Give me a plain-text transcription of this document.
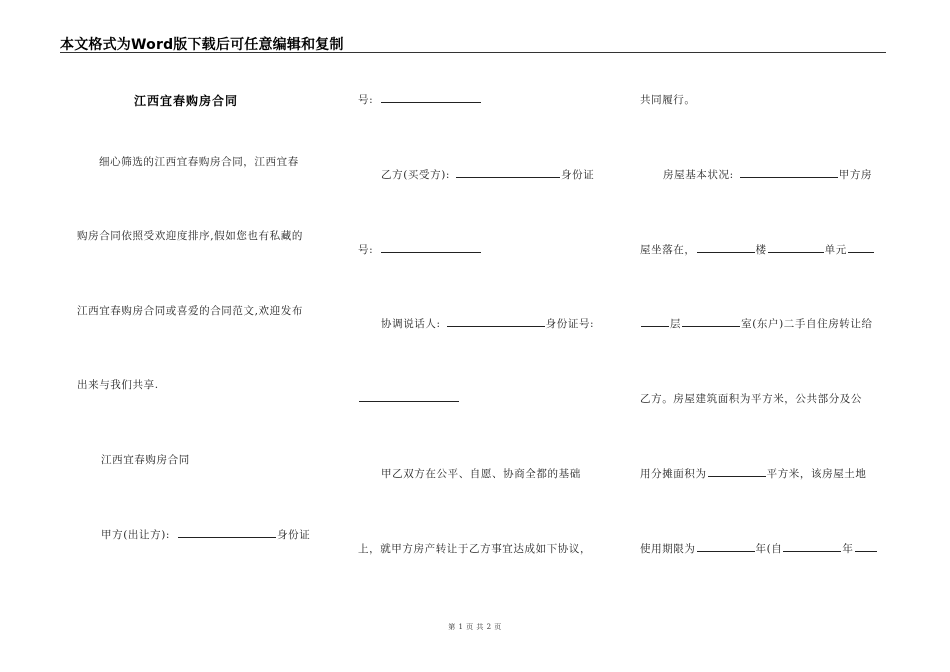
本文格式为Word版下载后可任意编辑和复制
江西宜春购房合同
细心筛选的江西宜春购房合同，江西宜春
购房合同依照受欢迎度排序,假如您也有私藏的
江西宜春购房合同或喜爱的合同范文,欢迎发布
出来与我们共享.
江西宜春购房合同
甲方(出让方):	身份证
号:
乙方(买受方):	身份证
号:
协调说话人:	身份证号:
甲乙双方在公平、自愿、协商全都的基础
上，就甲方房产转让于乙方事宜达成如下协议，
共同履行。
房屋基本状况:	甲方房
屋坐落在，	楼	单元
层	室(东户)二手自住房转让给
乙方。房屋建筑面积为平方米，公共部分及公
用分摊面积为	平方米，该房屋土地
使用期限为	年(自	年
第 1 页 共 2 页
